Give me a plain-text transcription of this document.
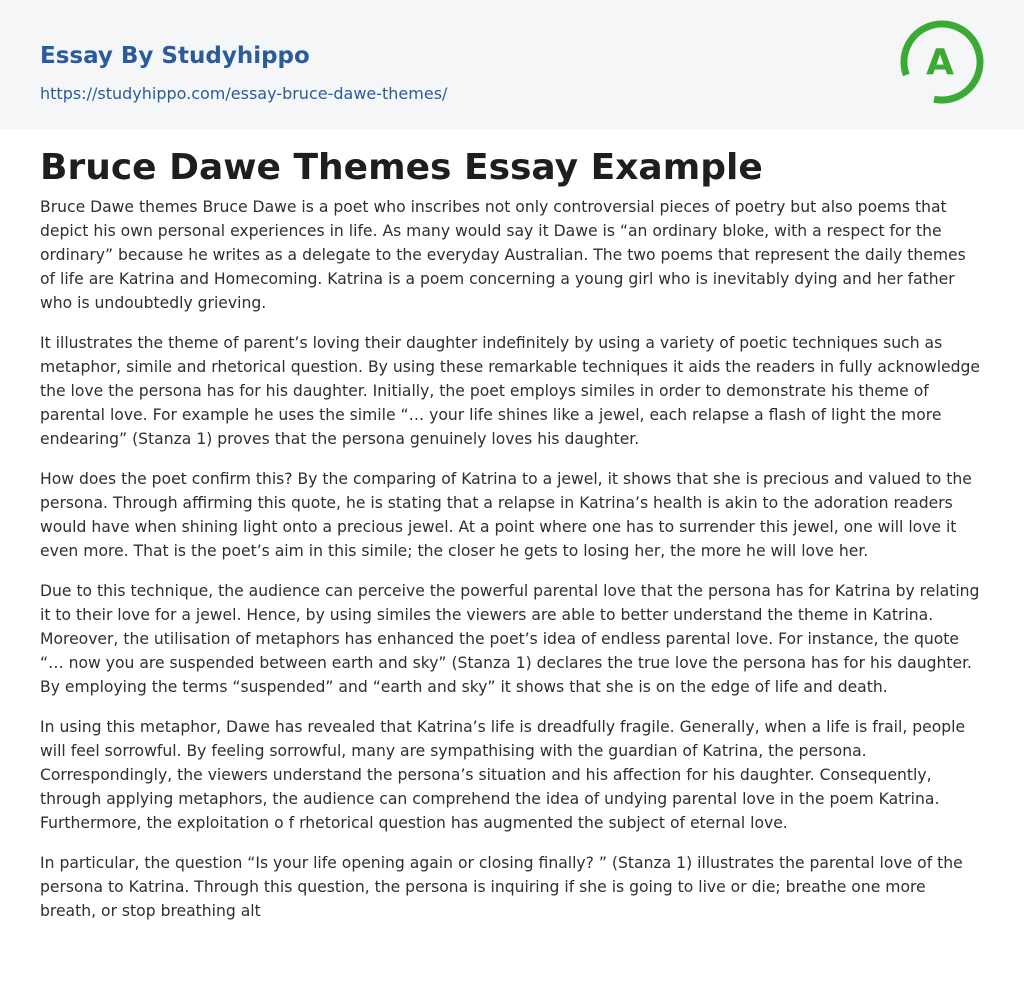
Essay By Studyhippo
https://studyhippo.com/essay-bruce-dawe-themes/
A
Bruce Dawe Themes Essay Example

Bruce Dawe themes Bruce Dawe is a poet who inscribes not only controversial pieces of poetry but also poems that depict his own personal experiences in life. As many would say it Dawe is “an ordinary bloke, with a respect for the ordinary” because he writes as a delegate to the everyday Australian. The two poems that represent the daily themes of life are Katrina and Homecoming. Katrina is a poem concerning a young girl who is inevitably dying and her father who is undoubtedly grieving.

It illustrates the theme of parent’s loving their daughter indefinitely by using a variety of poetic techniques such as metaphor, simile and rhetorical question. By using these remarkable techniques it aids the readers in fully acknowledge the love the persona has for his daughter. Initially, the poet employs similes in order to demonstrate his theme of parental love. For example he uses the simile “… your life shines like a jewel, each relapse a flash of light the more endearing” (Stanza 1) proves that the persona genuinely loves his daughter.

How does the poet confirm this? By the comparing of Katrina to a jewel, it shows that she is precious and valued to the persona. Through affirming this quote, he is stating that a relapse in Katrina’s health is akin to the adoration readers would have when shining light onto a precious jewel. At a point where one has to surrender this jewel, one will love it even more. That is the poet’s aim in this simile; the closer he gets to losing her, the more he will love her.

Due to this technique, the audience can perceive the powerful parental love that the persona has for Katrina by relating it to their love for a jewel. Hence, by using similes the viewers are able to better understand the theme in Katrina. Moreover, the utilisation of metaphors has enhanced the poet’s idea of endless parental love. For instance, the quote “… now you are suspended between earth and sky” (Stanza 1) declares the true love the persona has for his daughter. By employing the terms “suspended” and “earth and sky” it shows that she is on the edge of life and death.

In using this metaphor, Dawe has revealed that Katrina’s life is dreadfully fragile. Generally, when a life is frail, people will feel sorrowful. By feeling sorrowful, many are sympathising with the guardian of Katrina, the persona. Correspondingly, the viewers understand the persona’s situation and his affection for his daughter. Consequently, through applying metaphors, the audience can comprehend the idea of undying parental love in the poem Katrina. Furthermore, the exploitation o f rhetorical question has augmented the subject of eternal love.

In particular, the question “Is your life opening again or closing finally? ” (Stanza 1) illustrates the parental love of the persona to Katrina. Through this question, the persona is inquiring if she is going to live or die; breathe one more breath, or stop breathing alt
